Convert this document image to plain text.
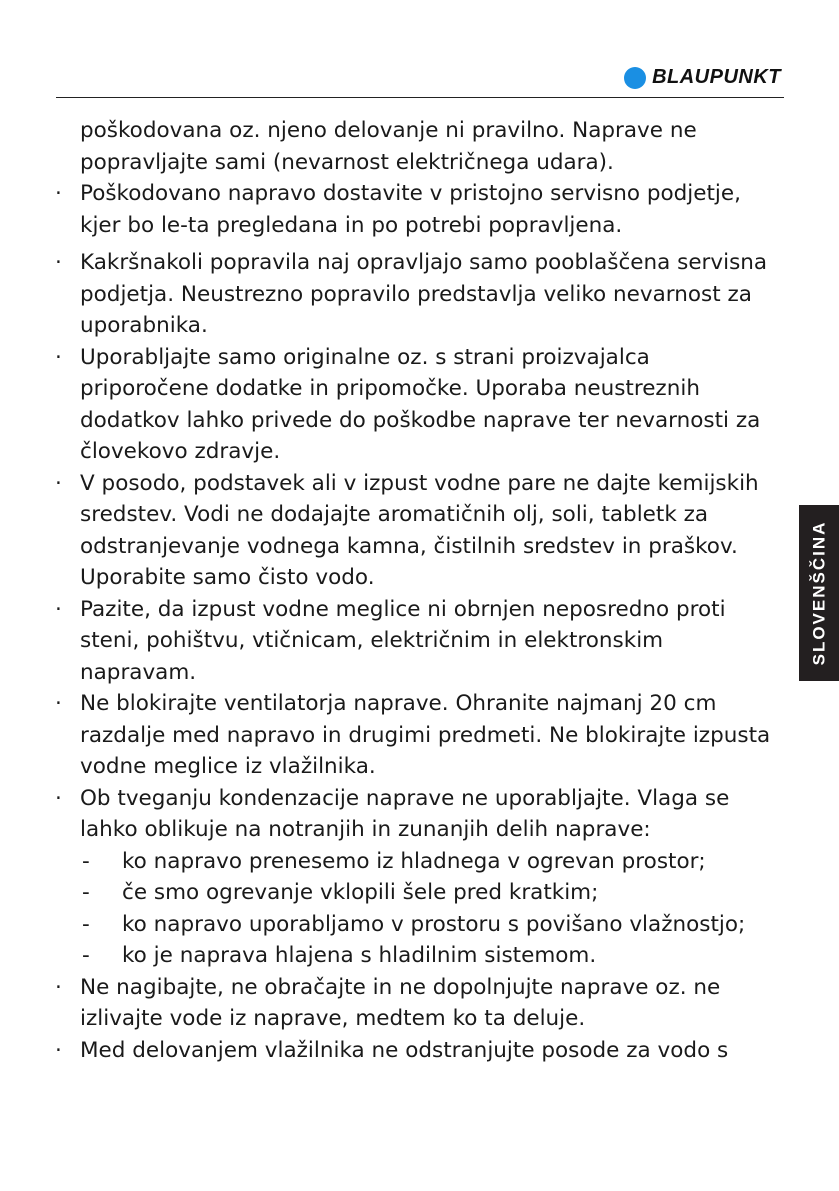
BLAUPUNKT
SLOVENŠČINA

poškodovana oz. njeno delovanje ni pravilno. Naprave ne popravljajte sami (nevarnost električnega udara).

· Poškodovano napravo dostavite v pristojno servisno podjetje, kjer bo le-ta pregledana in po potrebi popravljena.
· Kakršnakoli popravila naj opravljajo samo pooblaščena servisna podjetja. Neustrezno popravilo predstavlja veliko nevarnost za uporabnika.
· Uporabljajte samo originalne oz. s strani proizvajalca priporočene dodatke in pripomočke. Uporaba neustreznih dodatkov lahko privede do poškodbe naprave ter nevarnosti za človekovo zdravje.
· V posodo, podstavek ali v izpust vodne pare ne dajte kemijskih sredstev. Vodi ne dodajajte aromatičnih olj, soli, tabletk za odstranjevanje vodnega kamna, čistilnih sredstev in praškov. Uporabite samo čisto vodo.
· Pazite, da izpust vodne meglice ni obrnjen neposredno proti steni, pohištvu, vtičnicam, električnim in elektronskim napravam.
· Ne blokirajte ventilatorja naprave. Ohranite najmanj 20 cm razdalje med napravo in drugimi predmeti. Ne blokirajte izpusta vodne meglice iz vlažilnika.
· Ob tveganju kondenzacije naprave ne uporabljajte. Vlaga se lahko oblikuje na notranjih in zunanjih delih naprave:
- ko napravo prenesemo iz hladnega v ogrevan prostor;
- če smo ogrevanje vklopili šele pred kratkim;
- ko napravo uporabljamo v prostoru s povišano vlažnostjo;
- ko je naprava hlajena s hladilnim sistemom.
· Ne nagibajte, ne obračajte in ne dopolnjujte naprave oz. ne izlivajte vode iz naprave, medtem ko ta deluje.
· Med delovanjem vlažilnika ne odstranjujte posode za vodo s
